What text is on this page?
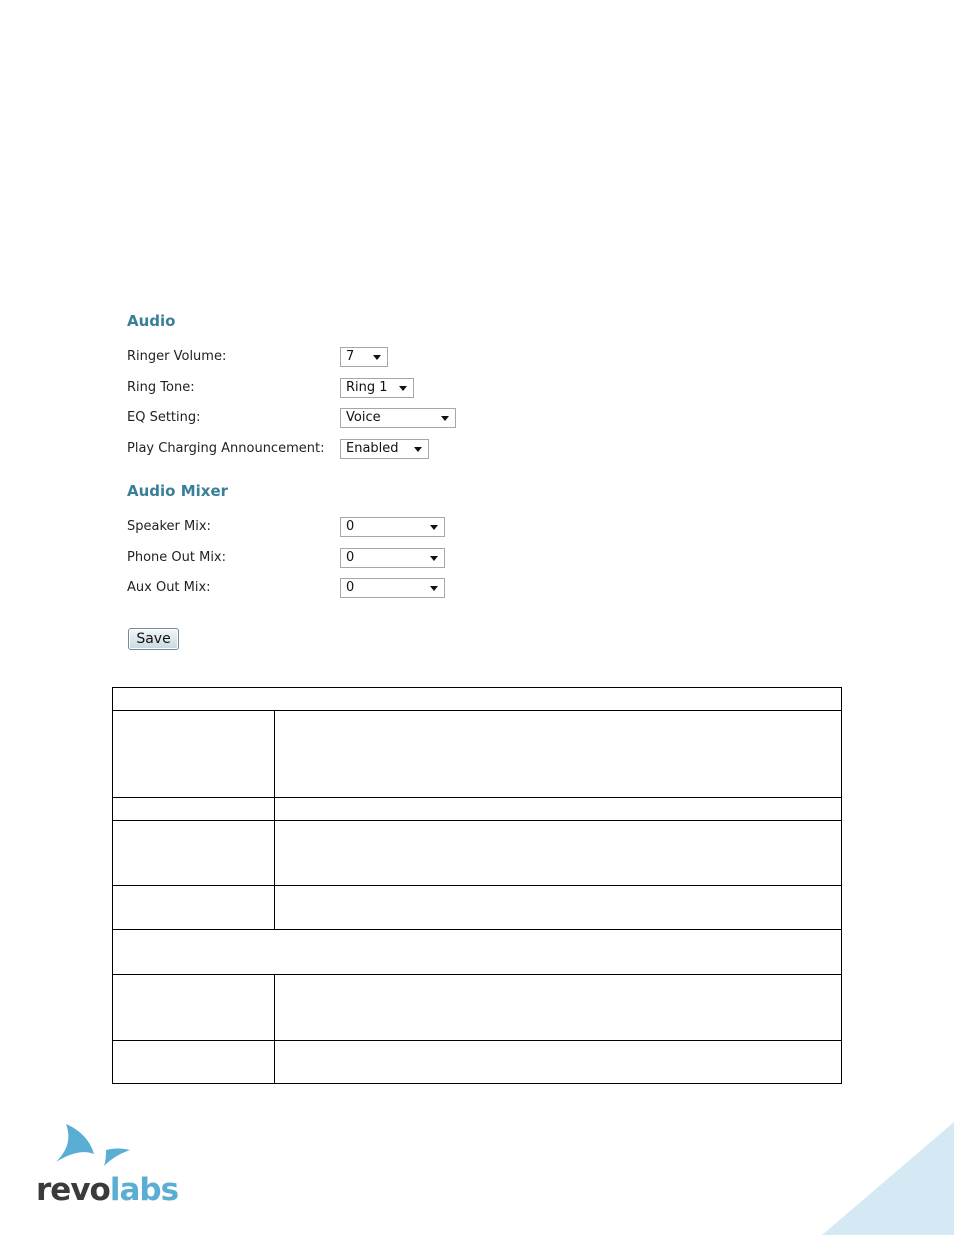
Audio
Ringer Volume:	7
Ring Tone:	Ring 1
EQ Setting:	Voice
Play Charging Announcement:	Enabled
Audio Mixer
Speaker Mix:	0
Phone Out Mix:	0
Aux Out Mix:	0
Save
revolabs
